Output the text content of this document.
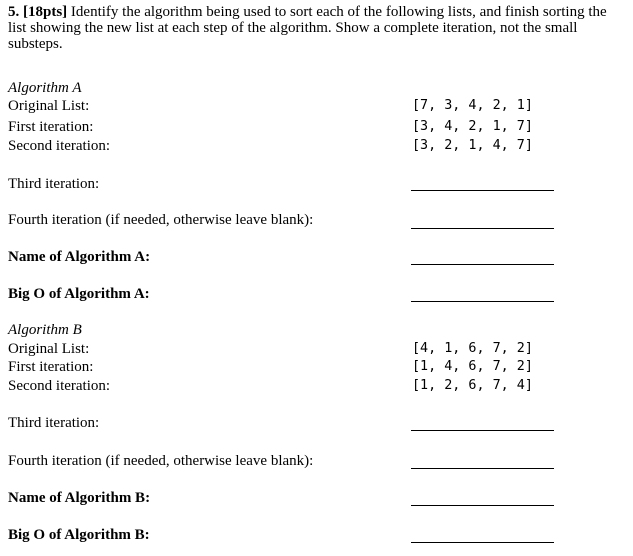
5. [18pts] Identify the algorithm being used to sort each of the following lists, and finish sorting the list showing the new list at each step of the algorithm. Show a complete iteration, not the small substeps.
Algorithm A
Original List:	[7, 3, 4, 2, 1]
First iteration:	[3, 4, 2, 1, 7]
Second iteration:	[3, 2, 1, 4, 7]
Third iteration:
Fourth iteration (if needed, otherwise leave blank):
Name of Algorithm A:
Big O of Algorithm A:
Algorithm B
Original List:	[4, 1, 6, 7, 2]
First iteration:	[1, 4, 6, 7, 2]
Second iteration:	[1, 2, 6, 7, 4]
Third iteration:
Fourth iteration (if needed, otherwise leave blank):
Name of Algorithm B:
Big O of Algorithm B:
